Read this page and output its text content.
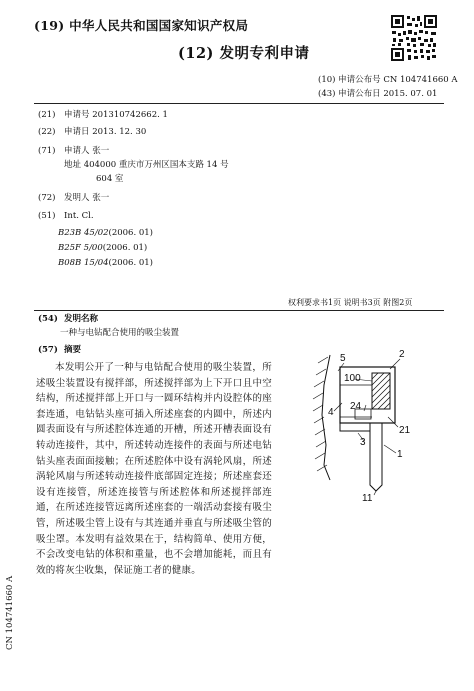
(19) 中华人民共和国国家知识产权局
(12) 发明专利申请
(10) 申请公布号 CN 104741660 A
(43) 申请公布日 2015. 07. 01
(21) 申请号 201310742662. 1
(22) 申请日 2013. 12. 30
(71) 申请人 张一
地址 404000 重庆市万州区国本支路 14 号
604 室
(72) 发明人 张一
(51) Int. Cl.
B23B 45/02(2006. 01)
B25F 5/00(2006. 01)
B08B 15/04(2006. 01)
权利要求书1页 说明书3页 附图2页
(54) 发明名称
一种与电钻配合使用的吸尘装置
(57) 摘要
本发明公开了一种与电钻配合使用的吸尘装置，所述吸尘装置设有搅拌部，所述搅拌部为上下开口且中空结构，所述搅拌部上开口与一圆环结构并内设腔体的座套连通，电钻钻头座可插入所述座套的内圆中，所述内圆表面设有与所述腔体连通的开槽，所述开槽表面设有转动连接件，其中，所述转动连接件的表面与所述电钻钻头座表面面接触；在所述腔体中设有涡轮风扇，所述涡轮风扇与所述转动连接件底部固定连接；所述座套还设有连接管，所述连接管与所述腔体和所述搅拌部连通，在所述连接管远离所述座套的一端活动套接有吸尘管，所述吸尘管上设有与其连通并垂直与所述吸尘管的吸尘罩。本发明有益效果在于，结构简单、使用方便，不会改变电钻的体积和重量，也不会增加能耗，而且有效的将灰尘收集，保证施工者的健康。
5	2
100
4
24
21
3
1
11
CN 104741660 A
